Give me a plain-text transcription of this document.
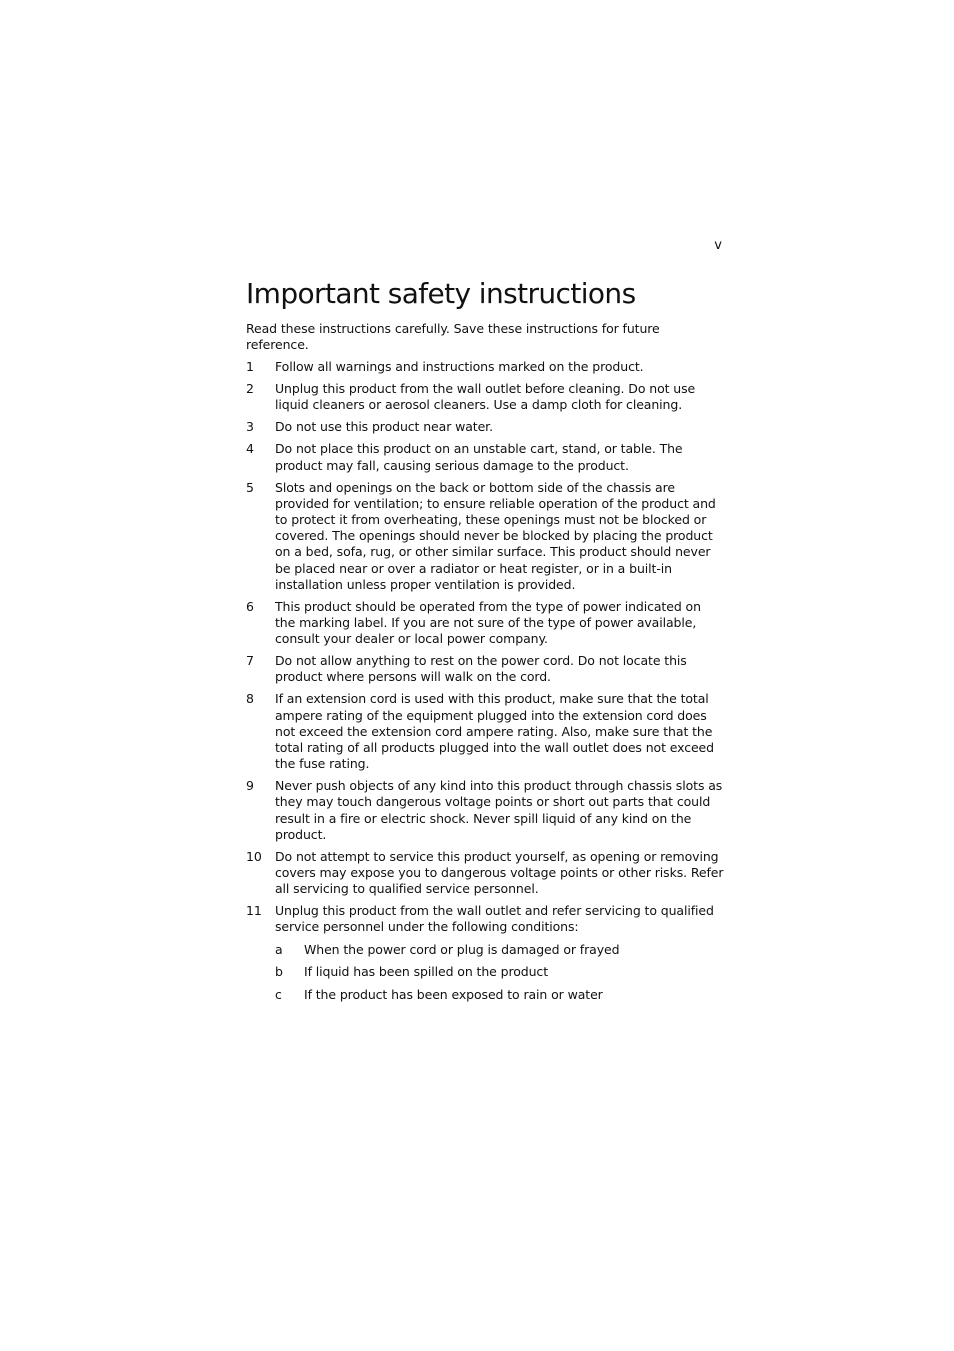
v
Important safety instructions

Read these instructions carefully. Save these instructions for future reference.

1	Follow all warnings and instructions marked on the product.
2	Unplug this product from the wall outlet before cleaning. Do not use liquid cleaners or aerosol cleaners. Use a damp cloth for cleaning.
3	Do not use this product near water.
4	Do not place this product on an unstable cart, stand, or table. The product may fall, causing serious damage to the product.
5	Slots and openings on the back or bottom side of the chassis are provided for ventilation; to ensure reliable operation of the product and to protect it from overheating, these openings must not be blocked or covered. The openings should never be blocked by placing the product on a bed, sofa, rug, or other similar surface. This product should never be placed near or over a radiator or heat register, or in a built-in installation unless proper ventilation is provided.
6	This product should be operated from the type of power indicated on the marking label. If you are not sure of the type of power available, consult your dealer or local power company.
7	Do not allow anything to rest on the power cord. Do not locate this product where persons will walk on the cord.
8	If an extension cord is used with this product, make sure that the total ampere rating of the equipment plugged into the extension cord does not exceed the extension cord ampere rating. Also, make sure that the total rating of all products plugged into the wall outlet does not exceed the fuse rating.
9	Never push objects of any kind into this product through chassis slots as they may touch dangerous voltage points or short out parts that could result in a fire or electric shock. Never spill liquid of any kind on the product.
10	Do not attempt to service this product yourself, as opening or removing covers may expose you to dangerous voltage points or other risks. Refer all servicing to qualified service personnel.
11	Unplug this product from the wall outlet and refer servicing to qualified service personnel under the following conditions:
a	When the power cord or plug is damaged or frayed
b	If liquid has been spilled on the product
c	If the product has been exposed to rain or water
